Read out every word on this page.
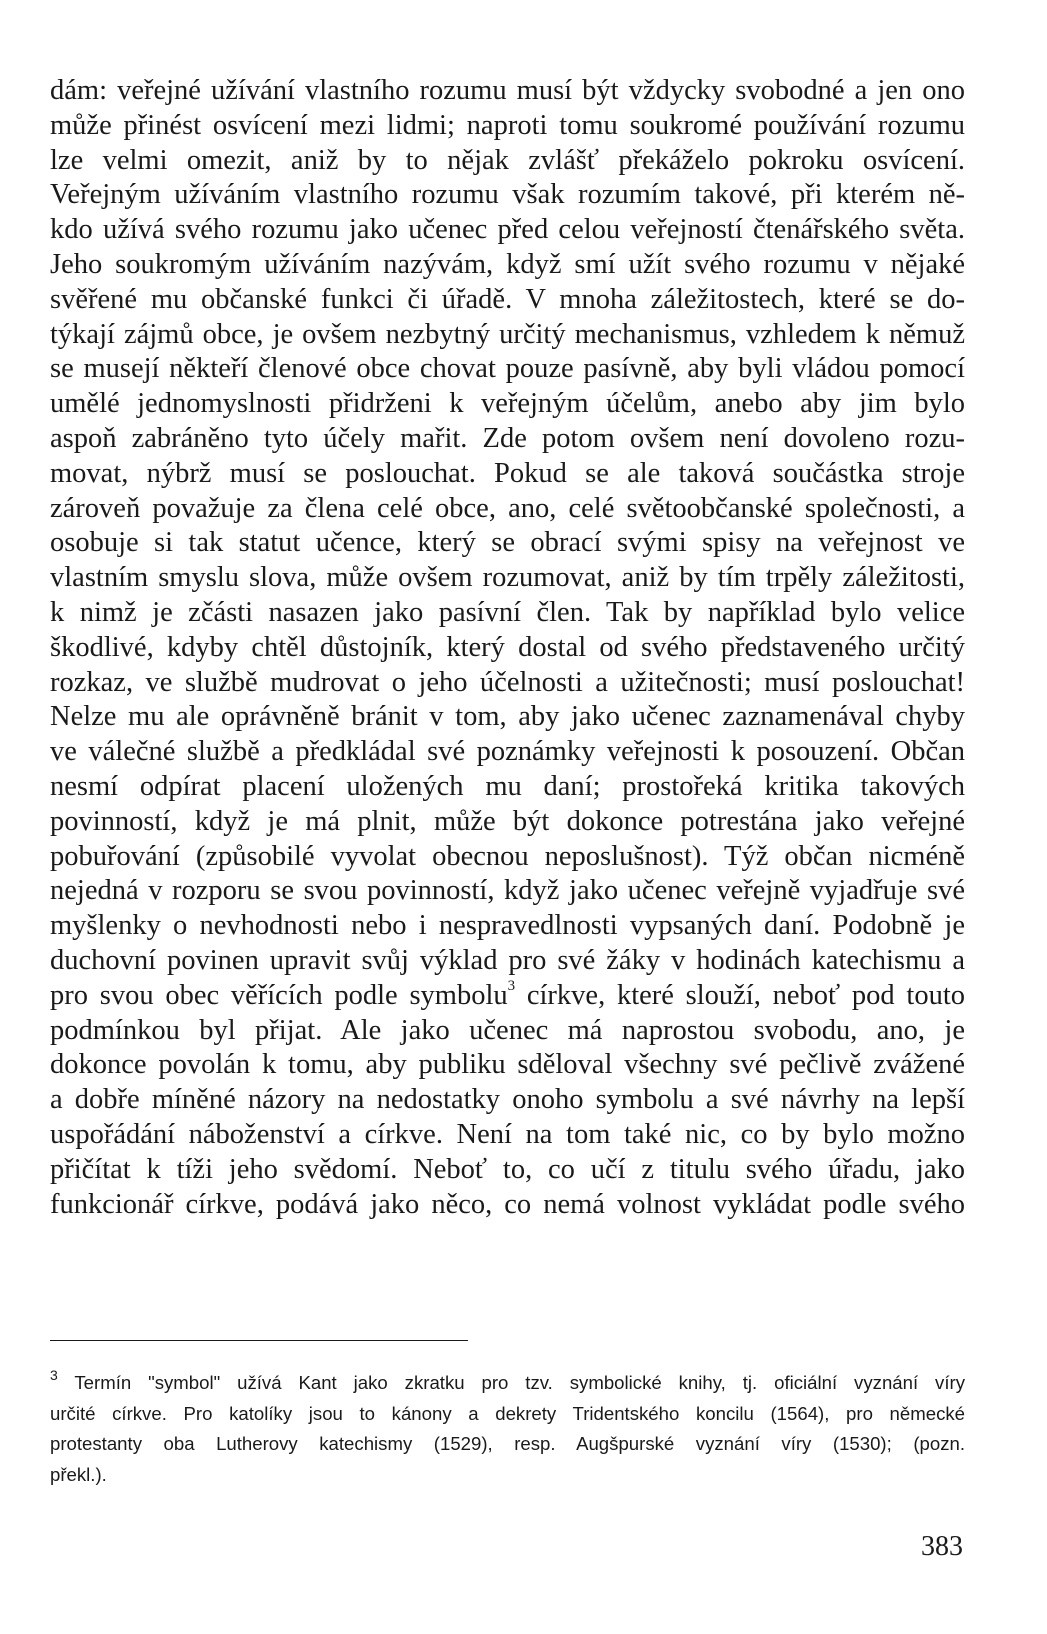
dám: veřejné užívání vlastního rozumu musí být vždycky svobodné a jen ono
může přinést osvícení mezi lidmi; naproti tomu soukromé používání rozumu
lze velmi omezit, aniž by to nějak zvlášť překáželo pokroku osvícení.
Veřejným užíváním vlastního rozumu však rozumím takové, při kterém ně-
kdo užívá svého rozumu jako učenec před celou veřejností čtenářského světa.
Jeho soukromým užíváním nazývám, když smí užít svého rozumu v nějaké
svěřené mu občanské funkci či úřadě. V mnoha záležitostech, které se do-
týkají zájmů obce, je ovšem nezbytný určitý mechanismus, vzhledem k němuž
se musejí někteří členové obce chovat pouze pasívně, aby byli vládou pomocí
umělé jednomyslnosti přidrženi k veřejným účelům, anebo aby jim bylo
aspoň zabráněno tyto účely mařit. Zde potom ovšem není dovoleno rozu-
movat, nýbrž musí se poslouchat. Pokud se ale taková součástka stroje
zároveň považuje za člena celé obce, ano, celé světoobčanské společnosti, a
osobuje si tak statut učence, který se obrací svými spisy na veřejnost ve
vlastním smyslu slova, může ovšem rozumovat, aniž by tím trpěly záležitosti,
k nimž je zčásti nasazen jako pasívní člen. Tak by například bylo velice
škodlivé, kdyby chtěl důstojník, který dostal od svého představeného určitý
rozkaz, ve službě mudrovat o jeho účelnosti a užitečnosti; musí poslouchat!
Nelze mu ale oprávněně bránit v tom, aby jako učenec zaznamenával chyby
ve válečné službě a předkládal své poznámky veřejnosti k posouzení. Občan
nesmí odpírat placení uložených mu daní; prostořeká kritika takových
povinností, když je má plnit, může být dokonce potrestána jako veřejné
pobuřování (způsobilé vyvolat obecnou neposlušnost). Týž občan nicméně
nejedná v rozporu se svou povinností, když jako učenec veřejně vyjadřuje své
myšlenky o nevhodnosti nebo i nespravedlnosti vypsaných daní. Podobně je
duchovní povinen upravit svůj výklad pro své žáky v hodinách katechismu a
pro svou obec věřících podle symbolu$^3$ církve, které slouží, neboť pod touto
podmínkou byl přijat. Ale jako učenec má naprostou svobodu, ano, je
dokonce povolán k tomu, aby publiku sděloval všechny své pečlivě zvážené
a dobře míněné názory na nedostatky onoho symbolu a své návrhy na lepší
uspořádání náboženství a církve. Není na tom také nic, co by bylo možno
přičítat k tíži jeho svědomí. Neboť to, co učí z titulu svého úřadu, jako
funkcionář církve, podává jako něco, co nemá volnost vykládat podle svého
$^3$ Termín "symbol" užívá Kant jako zkratku pro tzv. symbolické knihy, tj. oficiální vyznání víry
určité církve. Pro katolíky jsou to kánony a dekrety Tridentského koncilu (1564), pro německé
protestanty oba Lutherovy katechismy (1529), resp. Augšpurské vyznání víry (1530); (pozn.
překl.).
383
